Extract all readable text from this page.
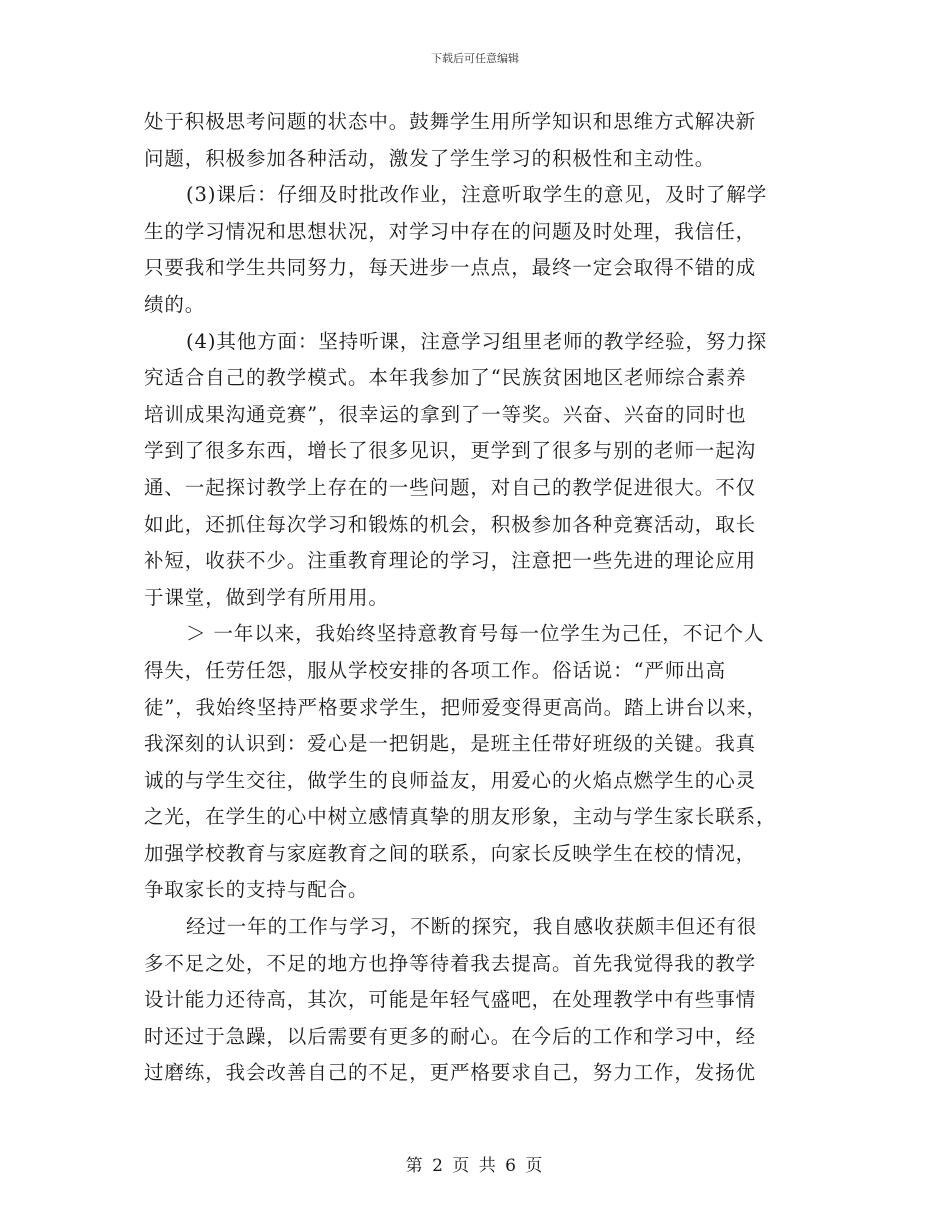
下载后可任意编辑
处于积极思考问题的状态中。鼓舞学生用所学知识和思维方式解决新
问题，积极参加各种活动，激发了学生学习的积极性和主动性。
(3)课后：仔细及时批改作业，注意听取学生的意见，及时了解学
生的学习情况和思想状况，对学习中存在的问题及时处理，我信任，
只要我和学生共同努力，每天进步一点点，最终一定会取得不错的成
绩的。
(4)其他方面：坚持听课，注意学习组里老师的教学经验，努力探
究适合自己的教学模式。本年我参加了“民族贫困地区老师综合素养
培训成果沟通竞赛”，很幸运的拿到了一等奖。兴奋、兴奋的同时也
学到了很多东西，增长了很多见识，更学到了很多与别的老师一起沟
通、一起探讨教学上存在的一些问题，对自己的教学促进很大。不仅
如此，还抓住每次学习和锻炼的机会，积极参加各种竞赛活动，取长
补短，收获不少。注重教育理论的学习，注意把一些先进的理论应用
于课堂，做到学有所用用。
＞ 一年以来，我始终坚持意教育号每一位学生为己任，不记个人
得失，任劳任怨，服从学校安排的各项工作。俗话说：“严师出高
徒”，我始终坚持严格要求学生，把师爱变得更高尚。踏上讲台以来，
我深刻的认识到：爱心是一把钥匙，是班主任带好班级的关键。我真
诚的与学生交往，做学生的良师益友，用爱心的火焰点燃学生的心灵
之光，在学生的心中树立感情真挚的朋友形象，主动与学生家长联系，
加强学校教育与家庭教育之间的联系，向家长反映学生在校的情况，
争取家长的支持与配合。
经过一年的工作与学习，不断的探究，我自感收获颇丰但还有很
多不足之处，不足的地方也挣等待着我去提高。首先我觉得我的教学
设计能力还待高，其次，可能是年轻气盛吧，在处理教学中有些事情
时还过于急躁，以后需要有更多的耐心。在今后的工作和学习中，经
过磨练，我会改善自己的不足，更严格要求自己，努力工作，发扬优
第 2 页 共 6 页
